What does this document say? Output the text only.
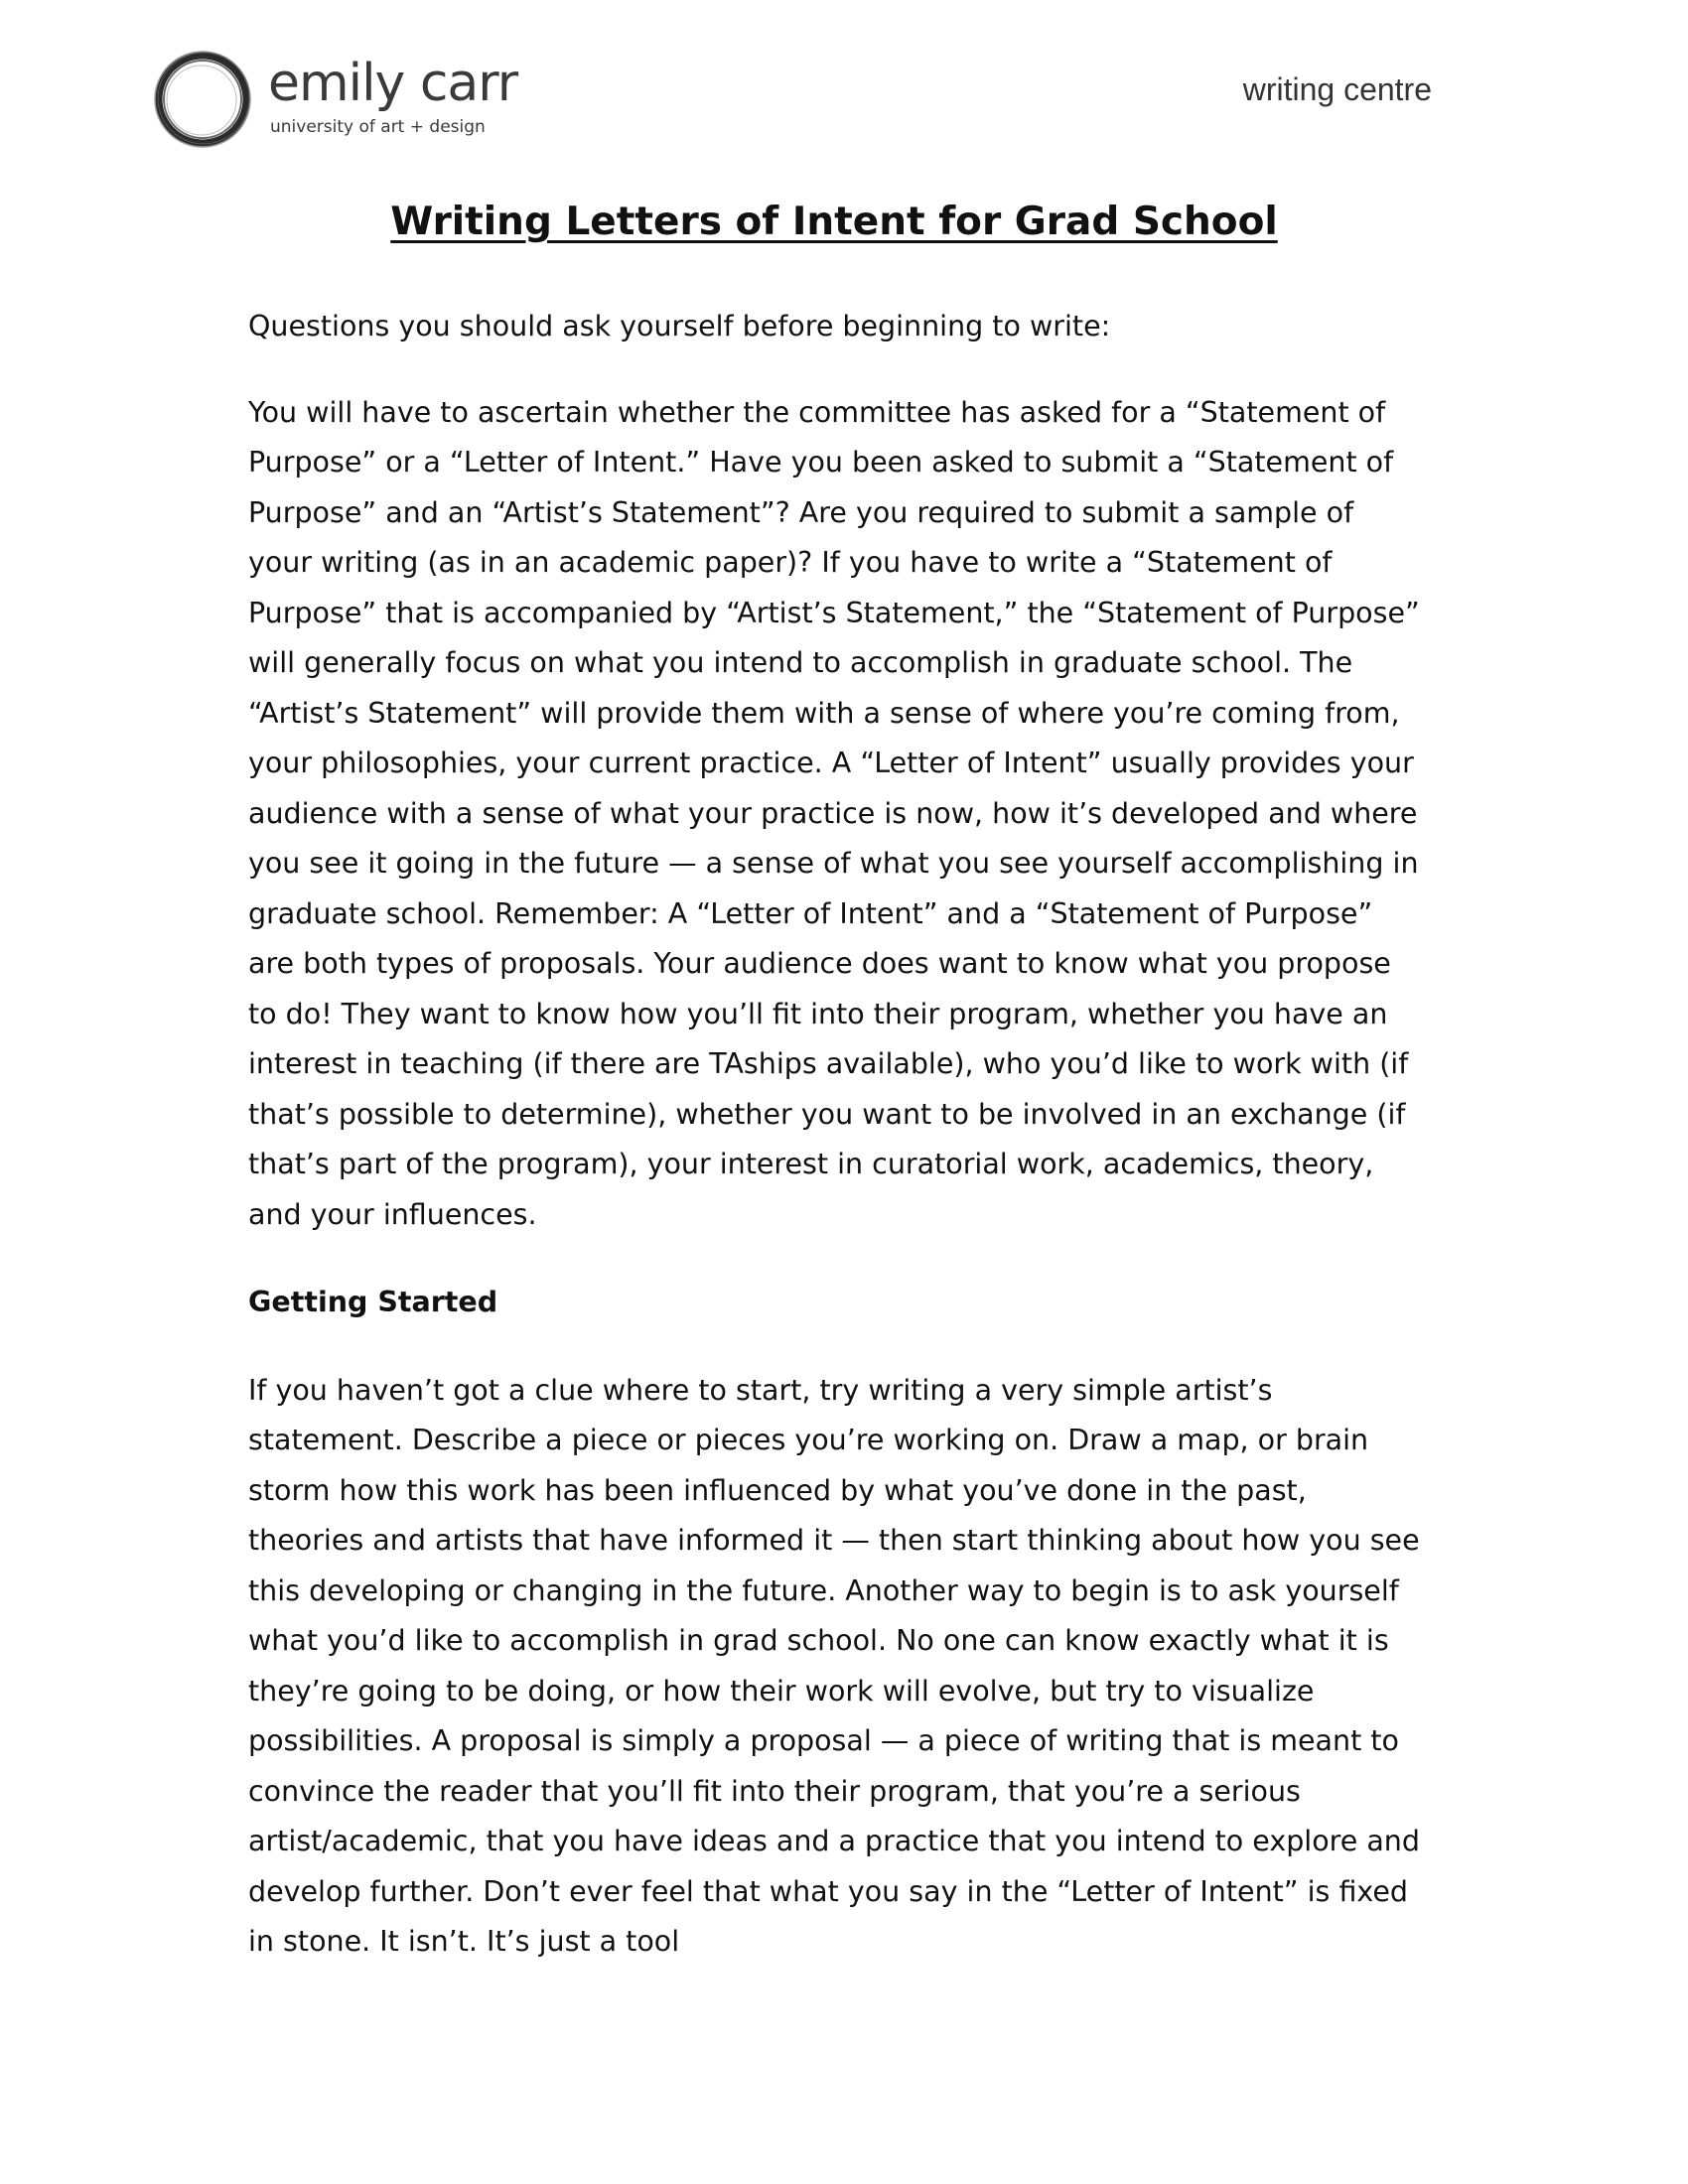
emily carr
university of art + design
writing centre
Writing Letters of Intent for Grad School

Questions you should ask yourself before beginning to write:

You will have to ascertain whether the committee has asked for a “Statement of Purpose” or a “Letter of Intent.” Have you been asked to submit a “Statement of Purpose” and an “Artist’s Statement”? Are you required to submit a sample of your writing (as in an academic paper)? If you have to write a “Statement of Purpose” that is accompanied by “Artist’s Statement,” the “Statement of Purpose” will generally focus on what you intend to accomplish in graduate school. The “Artist’s Statement” will provide them with a sense of where you’re coming from, your philosophies, your current practice. A “Letter of Intent” usually provides your audience with a sense of what your practice is now, how it’s developed and where you see it going in the future — a sense of what you see yourself accomplishing in graduate school. Remember: A “Letter of Intent” and a “Statement of Purpose” are both types of proposals. Your audience does want to know what you propose to do! They want to know how you’ll fit into their program, whether you have an interest in teaching (if there are TAships available), who you’d like to work with (if that’s possible to determine), whether you want to be involved in an exchange (if that’s part of the program), your interest in curatorial work, academics, theory, and your influences.

Getting Started

If you haven’t got a clue where to start, try writing a very simple artist’s statement. Describe a piece or pieces you’re working on. Draw a map, or brain storm how this work has been influenced by what you’ve done in the past, theories and artists that have informed it — then start thinking about how you see this developing or changing in the future. Another way to begin is to ask yourself what you’d like to accomplish in grad school. No one can know exactly what it is they’re going to be doing, or how their work will evolve, but try to visualize possibilities. A proposal is simply a proposal — a piece of writing that is meant to convince the reader that you’ll fit into their program, that you’re a serious artist/academic, that you have ideas and a practice that you intend to explore and develop further. Don’t ever feel that what you say in the “Letter of Intent” is fixed in stone. It isn’t. It’s just a tool
